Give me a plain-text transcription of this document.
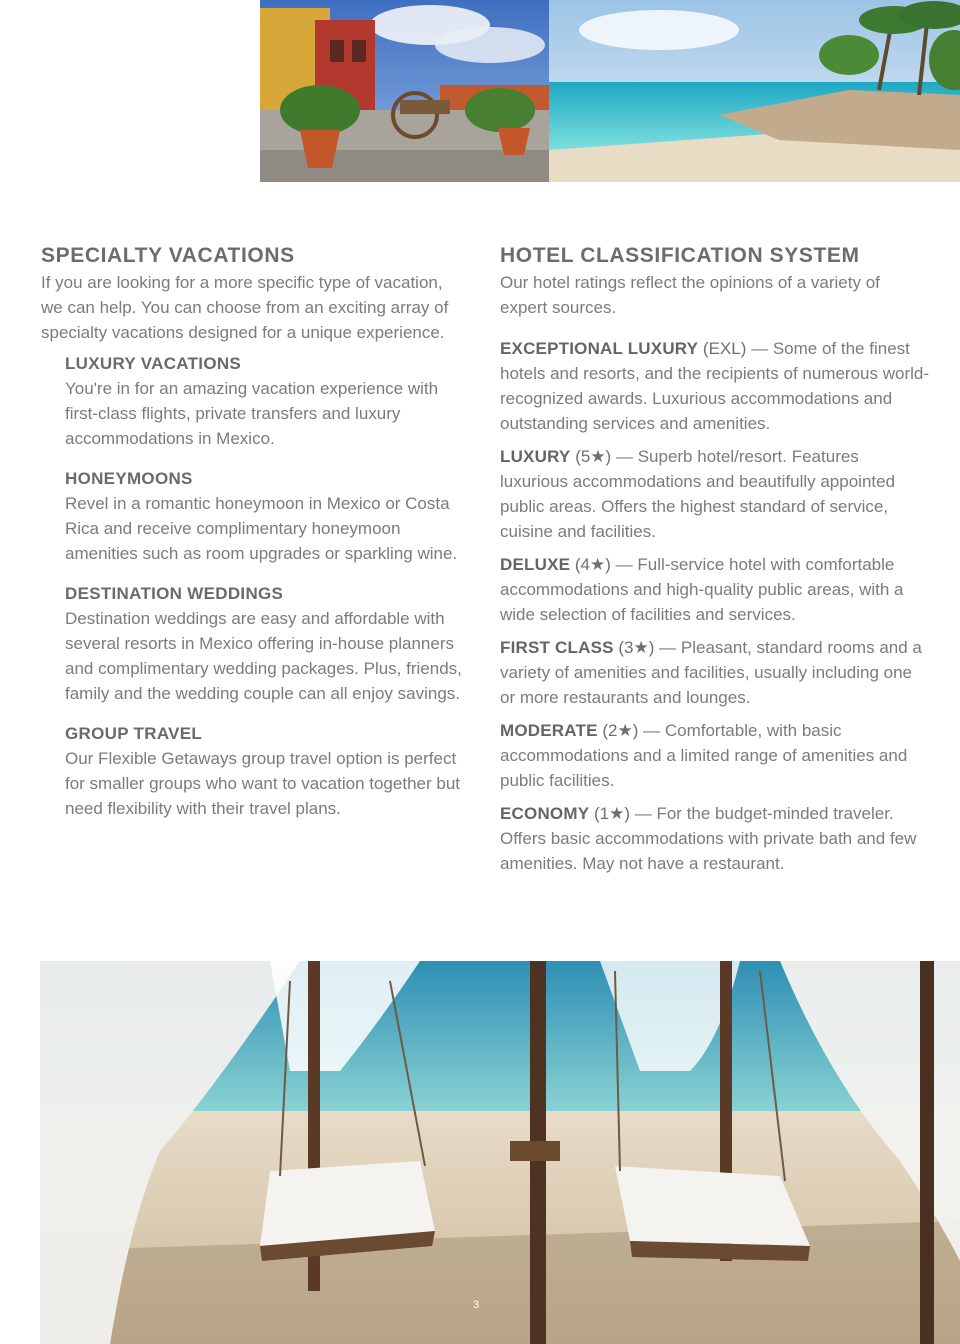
SPECIALTY VACATIONS

If you are looking for a more specific type of vacation, we can help. You can choose from an exciting array of specialty vacations designed for a unique experience.

LUXURY VACATIONS

You're in for an amazing vacation experience with first-class flights, private transfers and luxury accommodations in Mexico.

HONEYMOONS

Revel in a romantic honeymoon in Mexico or Costa Rica and receive complimentary honeymoon amenities such as room upgrades or sparkling wine.

DESTINATION WEDDINGS

Destination weddings are easy and affordable with several resorts in Mexico offering in-house planners and complimentary wedding packages. Plus, friends, family and the wedding couple can all enjoy savings.

GROUP TRAVEL

Our Flexible Getaways group travel option is perfect for smaller groups who want to vacation together but need flexibility with their travel plans.

HOTEL CLASSIFICATION SYSTEM

Our hotel ratings reflect the opinions of a variety of expert sources.

EXCEPTIONAL LUXURY (EXL) — Some of the finest hotels and resorts, and the recipients of numerous world-recognized awards. Luxurious accommodations and outstanding services and amenities.

LUXURY (5★) — Superb hotel/resort. Features luxurious accommodations and beautifully appointed public areas. Offers the highest standard of service, cuisine and facilities.

DELUXE (4★) — Full-service hotel with comfortable accommodations and high-quality public areas, with a wide selection of facilities and services.

FIRST CLASS (3★) — Pleasant, standard rooms and a variety of amenities and facilities, usually including one or more restaurants and lounges.

MODERATE (2★) — Comfortable, with basic accommodations and a limited range of amenities and public facilities.

ECONOMY (1★) — For the budget-minded traveler. Offers basic accommodations with private bath and few amenities. May not have a restaurant.

3
